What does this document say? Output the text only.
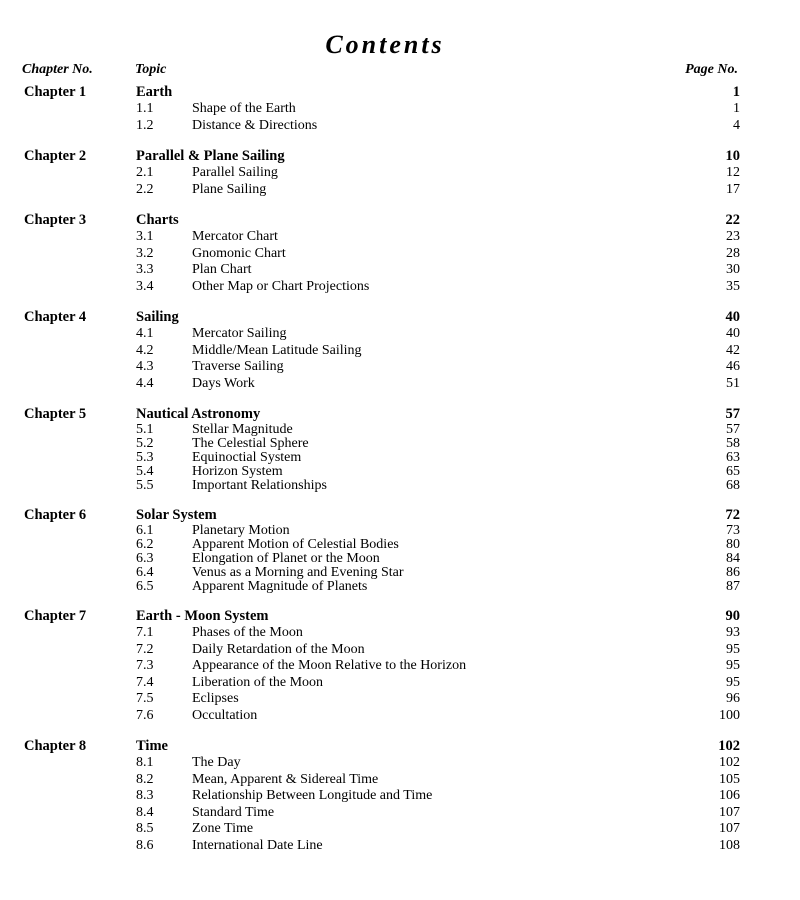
Contents
Chapter No.	Topic	Page No.
Chapter 1	Earth	1
1.1	Shape of the Earth	1
1.2	Distance & Directions	4
Chapter 2	Parallel & Plane Sailing	10
2.1	Parallel Sailing	12
2.2	Plane Sailing	17
Chapter 3	Charts	22
3.1	Mercator Chart	23
3.2	Gnomonic Chart	28
3.3	Plan Chart	30
3.4	Other Map or Chart Projections	35
Chapter 4	Sailing	40
4.1	Mercator Sailing	40
4.2	Middle/Mean Latitude Sailing	42
4.3	Traverse Sailing	46
4.4	Days Work	51
Chapter 5	Nautical Astronomy	57
5.1	Stellar Magnitude	57
5.2	The Celestial Sphere	58
5.3	Equinoctial System	63
5.4	Horizon System	65
5.5	Important Relationships	68
Chapter 6	Solar System	72
6.1	Planetary Motion	73
6.2	Apparent Motion of Celestial Bodies	80
6.3	Elongation of Planet or the Moon	84
6.4	Venus as a Morning and Evening Star	86
6.5	Apparent Magnitude of Planets	87
Chapter 7	Earth - Moon System	90
7.1	Phases of the Moon	93
7.2	Daily Retardation of the Moon	95
7.3	Appearance of the Moon Relative to the Horizon	95
7.4	Liberation of the Moon	95
7.5	Eclipses	96
7.6	Occultation	100
Chapter 8	Time	102
8.1	The Day	102
8.2	Mean, Apparent & Sidereal Time	105
8.3	Relationship Between Longitude and Time	106
8.4	Standard Time	107
8.5	Zone Time	107
8.6	International Date Line	108
